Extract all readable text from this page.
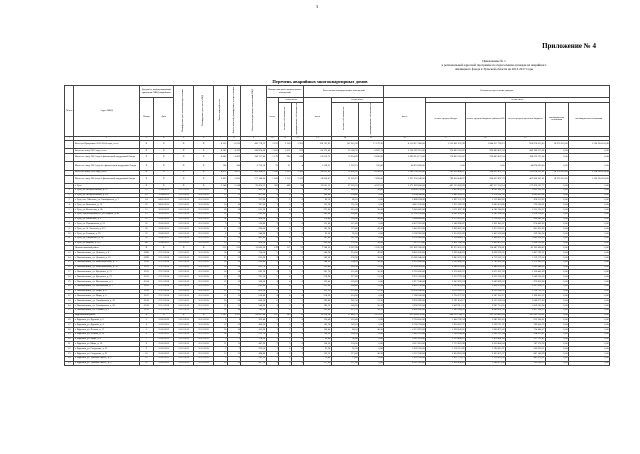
3
Приложение № 4
Приложение № 1
к региональной адресной программе по переселению граждан из аварийного
жилищного фонда в Тульской области на 2013-2017 годы
Перечень аварийных многоквартирных домов
№ п/п	Адрес МКД	Документ, подтверждающий признание МКД аварийным		Планируемая дата окончания переселения	Планируемая дата сноса МКД	Число жителей всего	Число жителей, планируемых к переселению	Общая площадь жилых помещений МКД	Количество расселяемых жилых помещений			Расселяемая площадь жилых помещений			Стоимость переселения граждан					
		Номер	Дата						всего	в том числе		всего	в том числе		всего	в том числе				
										частная собственность	муниципальная собственность		частная собственность	муниципальная собственность		за счет средств Фонда	за счет средств бюджета субъекта РФ	за счет средств местного бюджета	внебюджетные источники	внебюджетные источники
1	2	3	4	5	6	7	8	9	10	11	12	13	14	15	16	17	18	19		
	Всего по Программе 2013-2014 годы, в т.ч.:	X	X	X	X	8 233	8 233	430 778,52	2 253	2 250	3 301	124 795,95	107 616,58	17 179,36	4 116 917 900,00	1 559 861 631,99	1 844 917 760,13	954 978 613,45	18 970 310,00	1 224 264 524,90
	Всего по этапу 2013 года, в т.ч.:	X	X	X	X	4 162	4 162	246 874,00	1 203	1 011	192	64 173,06	55 180,32	8 992,74	2 134 787 261,00	770 803 183,02	920 883 862,34	443 100 215,64	0,00	0,00
	Итого по этапу 2013 года с финансовой поддержкой Фонда	X	X	X	X	4 062	4 062	240 117,44	1 178	990	188	62 614,75	53 954,09	8 660,66	2 089 913 171,00	770 803 183,02	920 883 862,34	398 226 125,64	0,00	0,00
	Итого по этапу 2013 года без финансовой поддержки Фонда	X	X	X	X	100	100	6 756,56	25	21	4	1 558,31	1 226,23	332,08	44 874 090,00	0,00	0,00	44 874 090,00	0,00	0,00
	Всего по этапу 2014 года, в т.ч.:	X	X	X	X	4 071	4 071	183 904,52	1 050	1 239	3 109	60 622,89	52 436,26	8 186,62	1 982 130 639,00	789 058 448,97	924 033 897,79	511 878 397,81	18 970 310,00	1 224 264 524,90
	Итого по этапу 2014 года с финансовой поддержкой Фонда	X	X	X	X	3 822	3 822	177 148,00	1 018	1 212	3 102	59 058,07	51 229,21	7 828,86	1 937 256 549,00	789 058 448,97	924 033 897,79	467 004 307,81	18 970 310,00	1 224 264 524,90
	г. Тула	X	X	X	X	2 148	2 148	95 474,32	582	488	94	32 031,13	27 503,52	4 527,61	1 071 829 850,00	407 133 209,09	487 217 118,14	177 479 522,77	0,00	0,00
1	г. Тула, ул. Менделеевская, д. 12	17	12.04.2012	31.12.2015	31.12.2015	16	16	405,30	6	5	1	299,20	249,20	50,00	10 036 720,00	3 812 476,35	4 561 981,26	1 662 262,39	0,00	0,00
2	г. Тула, ул. Менделеевская, д. 14	16	12.04.2012	31.12.2015	31.12.2015	12	12	457,40	4	4	0	194,80	194,80	0,00	6 534 560,00	2 482 202,70	2 970 261,36	1 082 095,94	0,00	0,00
3	г. Тула, пос. Мясново, ул. Октябрьская, д. 7	24	04.05.2012	31.12.2015	31.12.2015	7	7	327,90	2	2	0	86,10	86,10	0,00	2 888 294,00	1 097 131,52	1 312 842,85	478 319,63	0,00	0,00
4	г. Тула, ул. Вильямса, д. 13	25	04.05.2012	31.12.2015	31.12.2015	10	10	287,00	3	3	0	131,50	131,50	0,00	4 411 166,00	1 675 582,59	2 005 074,80	730 508,61	0,00	0,00
5	г. Тула, ул. Колхозная, д. 20	11	16.03.2012	31.12.2015	31.12.2015	18	18	611,20	5	4	1	275,60	225,60	50,00	9 245 402,00	3 511 887,38	4 202 284,05	1 531 230,57	0,00	0,00
6	г. Тула, Пролетарский р-н, ул. Марата, д. 42	12	16.03.2012	31.12.2015	31.12.2015	22	22	682,60	7	6	1	343,90	290,40	53,50	11 536 138,00	4 382 032,47	5 243 506,56	1 910 598,97	0,00	0,00
7	г. Тула, ул. Шевченко, д. 3	31	22.05.2012	31.12.2015	31.12.2015	14	14	458,20	4	3	1	178,40	128,60	49,80	5 984 428,00	2 273 225,07	2 720 221,25	990 981,68	0,00	0,00
8	г. Тула, ул. Пушкинская, д. 53	32	22.05.2012	31.12.2015	31.12.2015	9	9	316,80	3	3	0	121,40	121,40	0,00	4 072 363,00	1 546 908,87	1 851 045,07	674 409,06	0,00	0,00
9	г. Тула, ул. Ф. Энгельса, д. 112	36	19.06.2012	31.12.2015	31.12.2015	11	11	294,60	4	3	1	162,20	119,80	42,40	5 441 021,00	2 066 807,43	2 473 181,11	901 032,46	0,00	0,00
10	г. Тула, ул. Галкина, д. 29	37	19.06.2012	31.12.2015	31.12.2015	8	8	244,90	2	2	0	95,30	95,30	0,00	3 196 903,00	1 214 362,82	1 453 193,84	529 346,34	0,00	0,00
11	г. Тула, ул. Оборонная, д. 54	39	19.06.2012	31.12.2015	31.12.2015	13	13	401,40	4	4	0	187,60	187,60	0,00	6 293 042,00	2 390 460,13	2 860 567,22	1 042 014,65	0,00	0,00
12	г. Тула, ул. Кирова, д. 167	40	19.06.2012	31.12.2015	31.12.2015	15	15	428,10	5	4	1	226,90	176,30	50,60	7 611 371,00	2 891 242,24	3 459 872,15	1 260 256,61	0,00	0,00
	Новомосковский район	X	X	X	X	512	512	21 606,20	139	117	22	7 508,36	6 322,98	1 185,38	251 862 560,00	95 672 455,16	114 487 296,41	41 702 808,43	0,00	0,00
13	г. Новомосковск, ул. Донская, д. 8	2098	27.12.2010	31.12.2015	31.12.2015	18	18	754,30	5	4	1	264,20	214,60	49,60	8 862 430,00	3 366 440,83	4 028 396,95	1 467 592,22	0,00	0,00
14	г. Новомосковск, ул. Донская, д. 10	2099	27.12.2010	31.12.2015	31.12.2015	21	21	812,60	6	5	1	309,50	258,90	50,60	10 382 040,00	3 943 678,33	4 719 182,53	1 719 179,14	0,00	0,00
15	г. Новомосковск, ул. Комсомольская, д. 37	2100	27.12.2010	31.12.2015	31.12.2015	16	16	690,40	5	4	1	248,30	198,10	50,20	8 329 090,00	3 163 842,51	3 785 962,36	1 379 285,13	0,00	0,00
16	г. Новомосковск, ул. Комсомольская, д. 39	2101	27.12.2010	31.12.2015	31.12.2015	24	24	912,70	7	6	1	356,80	305,30	51,50	11 968 510,00	4 546 314,08	5 440 350,96	1 981 844,96	0,00	0,00
17	г. Новомосковск, ул. Кукунина, д. 11	2102	27.12.2010	31.12.2015	31.12.2015	14	14	602,10	4	3	1	201,70	151,40	50,30	6 765 830,00	2 570 020,21	3 075 367,30	1 120 442,49	0,00	0,00
18	г. Новомосковск, ул. Кукунина, д. 13	2103	27.12.2010	31.12.2015	31.12.2015	19	19	781,50	5	4	1	278,90	227,80	51,10	9 355 520,00	3 553 729,34	4 252 566,06	1 549 224,60	0,00	0,00
19	г. Новомосковск, ул. Московская, д. 5	2104	27.12.2010	31.12.2015	31.12.2015	12	12	508,30	4	4	0	176,40	176,40	0,00	5 917 240,00	2 247 693,74	2 689 689,32	979 856,94	0,00	0,00
20	г. Новомосковск, ул. Московская, д. 7	2105	27.12.2010	31.12.2015	31.12.2015	17	17	693,80	5	4	1	251,60	200,40	51,20	8 439 790,00	3 205 893,03	3 836 278,20	1 397 618,77	0,00	0,00
21	г. Новомосковск, ул. Мира, д. 4	2106	27.12.2010	31.12.2015	31.12.2015	22	22	856,20	6	5	1	323,10	271,80	51,30	10 838 240,00	4 116 969,31	4 926 548,36	1 794 722,33	0,00	0,00
22	г. Новомосковск, ул. Мира, д. 6	2107	27.12.2010	31.12.2015	31.12.2015	15	15	618,40	4	4	0	214,30	214,30	0,00	7 188 500,00	2 730 577,61	3 267 502,27	1 190 420,12	0,00	0,00
23	г. Новомосковск, ул. Октябрьская, д. 18	2108	27.12.2010	31.12.2015	31.12.2015	20	20	804,20	6	5	1	296,80	245,50	51,30	9 956 090,00	3 781 854,17	4 525 560,34	1 648 675,49	0,00	0,00
24	г. Новомосковск, ул. Октябрьская, д. 20	2109	27.12.2010	31.12.2015	31.12.2015	13	13	548,90	4	3	1	190,70	140,20	50,50	6 396 970,00	2 429 911,51	2 907 714,55	1 059 343,94	0,00	0,00
25	г. Новомосковск, ул. Садовая, д. 3	2110	27.12.2010	31.12.2015	31.12.2015	18	18	742,60	5	4	1	262,40	211,70	50,70	8 802 050,00	3 343 504,29	4 000 951,38	1 457 594,33	0,00	0,00
	Ефремовский район	X	X	X	X	1 162	1 162	60 067,48	297	285	12	19 518,58	17 402,71	2 115,87	613 564 139,00	286 252 784,72	322 329 483,24	247 822 126,61	0,00	0,00
26	г. Ефремов, ул. Дружбы, д. 2	3	15.02.2012	31.12.2015	31.12.2015	8	8	395,40	2	2	0	110,40	110,40	0,00	3 703 416,00	1 406 766,54	1 683 385,45	613 264,01	0,00	0,00
27	г. Ефремов, ул. Дружбы, д. 4	4	15.02.2012	31.12.2015	31.12.2015	12	12	468,30	3	3	0	142,10	142,10	0,00	4 766 794,00	1 810 667,27	2 166 711,97	789 414,76	0,00	0,00
28	г. Ефремов, ул. Ленина, д. 17	5	15.02.2012	31.12.2015	31.12.2015	10	10	412,60	3	2	1	128,60	88,10	40,50	4 313 923,00	1 638 643,01	1 960 875,42	714 404,57	0,00	0,00
29	г. Ефремов, ул. Ленина, д. 19	6	15.02.2012	31.12.2015	31.12.2015	14	14	521,70	4	4	0	168,30	168,30	0,00	5 645 676,00	2 144 544,49	2 566 197,64	934 933,87	0,00	0,00
30	г. Ефремов, ул. Мира, д. 8	7	15.02.2012	31.12.2015	31.12.2015	9	9	374,20	2	2	0	96,80	96,80	0,00	3 247 201,00	1 233 468,25	1 476 001,68	537 731,07	0,00	0,00
31	г. Ефремов, ул. Мира, д. 10	8	15.02.2012	31.12.2015	31.12.2015	11	11	447,90	3	3	0	134,50	134,50	0,00	4 511 853,00	1 713 829,98	2 050 848,64	747 174,38	0,00	0,00
32	г. Ефремов, ул. Свердлова, д. 21	9	15.02.2012	31.12.2015	31.12.2015	7	7	336,50	2	2	0	91,20	91,20	0,00	3 059 350,00	1 162 112,82	1 390 616,97	506 620,21	0,00	0,00
33	г. Ефремов, ул. Свердлова, д. 23	10	15.02.2012	31.12.2015	31.12.2015	13	13	498,80	4	3	1	159,70	113,40	46,30	5 357 188,00	2 034 963,94	2 435 075,37	887 148,69	0,00	0,00
34	г. Ефремов, ул. Тульское шоссе, д. 3	11	15.02.2012	31.12.2015	31.12.2015	6	6	281,30	2	2	0	79,40	79,40	0,00	2 663 518,00	1 011 753,13	1 210 693,96	441 070,91	0,00	0,00
35	г. Ефремов, ул. Тульское шоссе, д. 5	12	15.02.2012	31.12.2015	31.12.2015	10	10	427,10	3	3	0	127,80	127,80	0,00	4 287 091,00	1 628 450,83	1 948 679,98	709 960,19	0,00	0,00
